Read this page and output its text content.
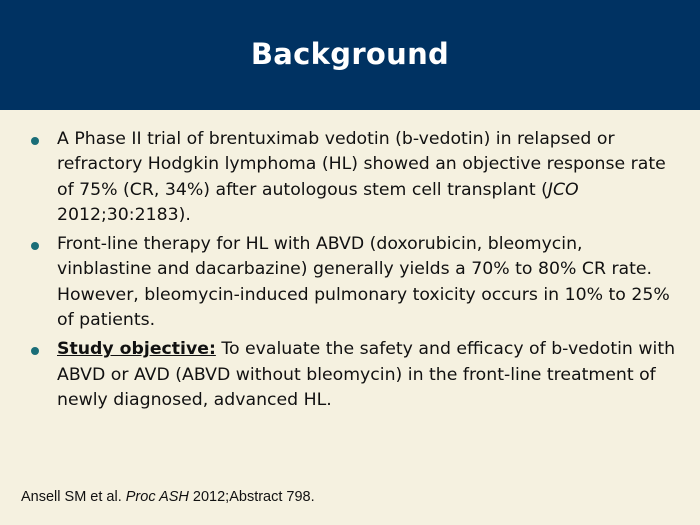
Background
A Phase II trial of brentuximab vedotin (b-vedotin) in relapsed or refractory Hodgkin lymphoma (HL) showed an objective response rate of 75% (CR, 34%) after autologous stem cell transplant (JCO 2012;30:2183).
Front-line therapy for HL with ABVD (doxorubicin, bleomycin, vinblastine and dacarbazine) generally yields a 70% to 80% CR rate. However, bleomycin-induced pulmonary toxicity occurs in 10% to 25% of patients.
Study objective: To evaluate the safety and efficacy of b-vedotin with ABVD or AVD (ABVD without bleomycin) in the front-line treatment of newly diagnosed, advanced HL.
Ansell SM et al. Proc ASH 2012;Abstract 798.
